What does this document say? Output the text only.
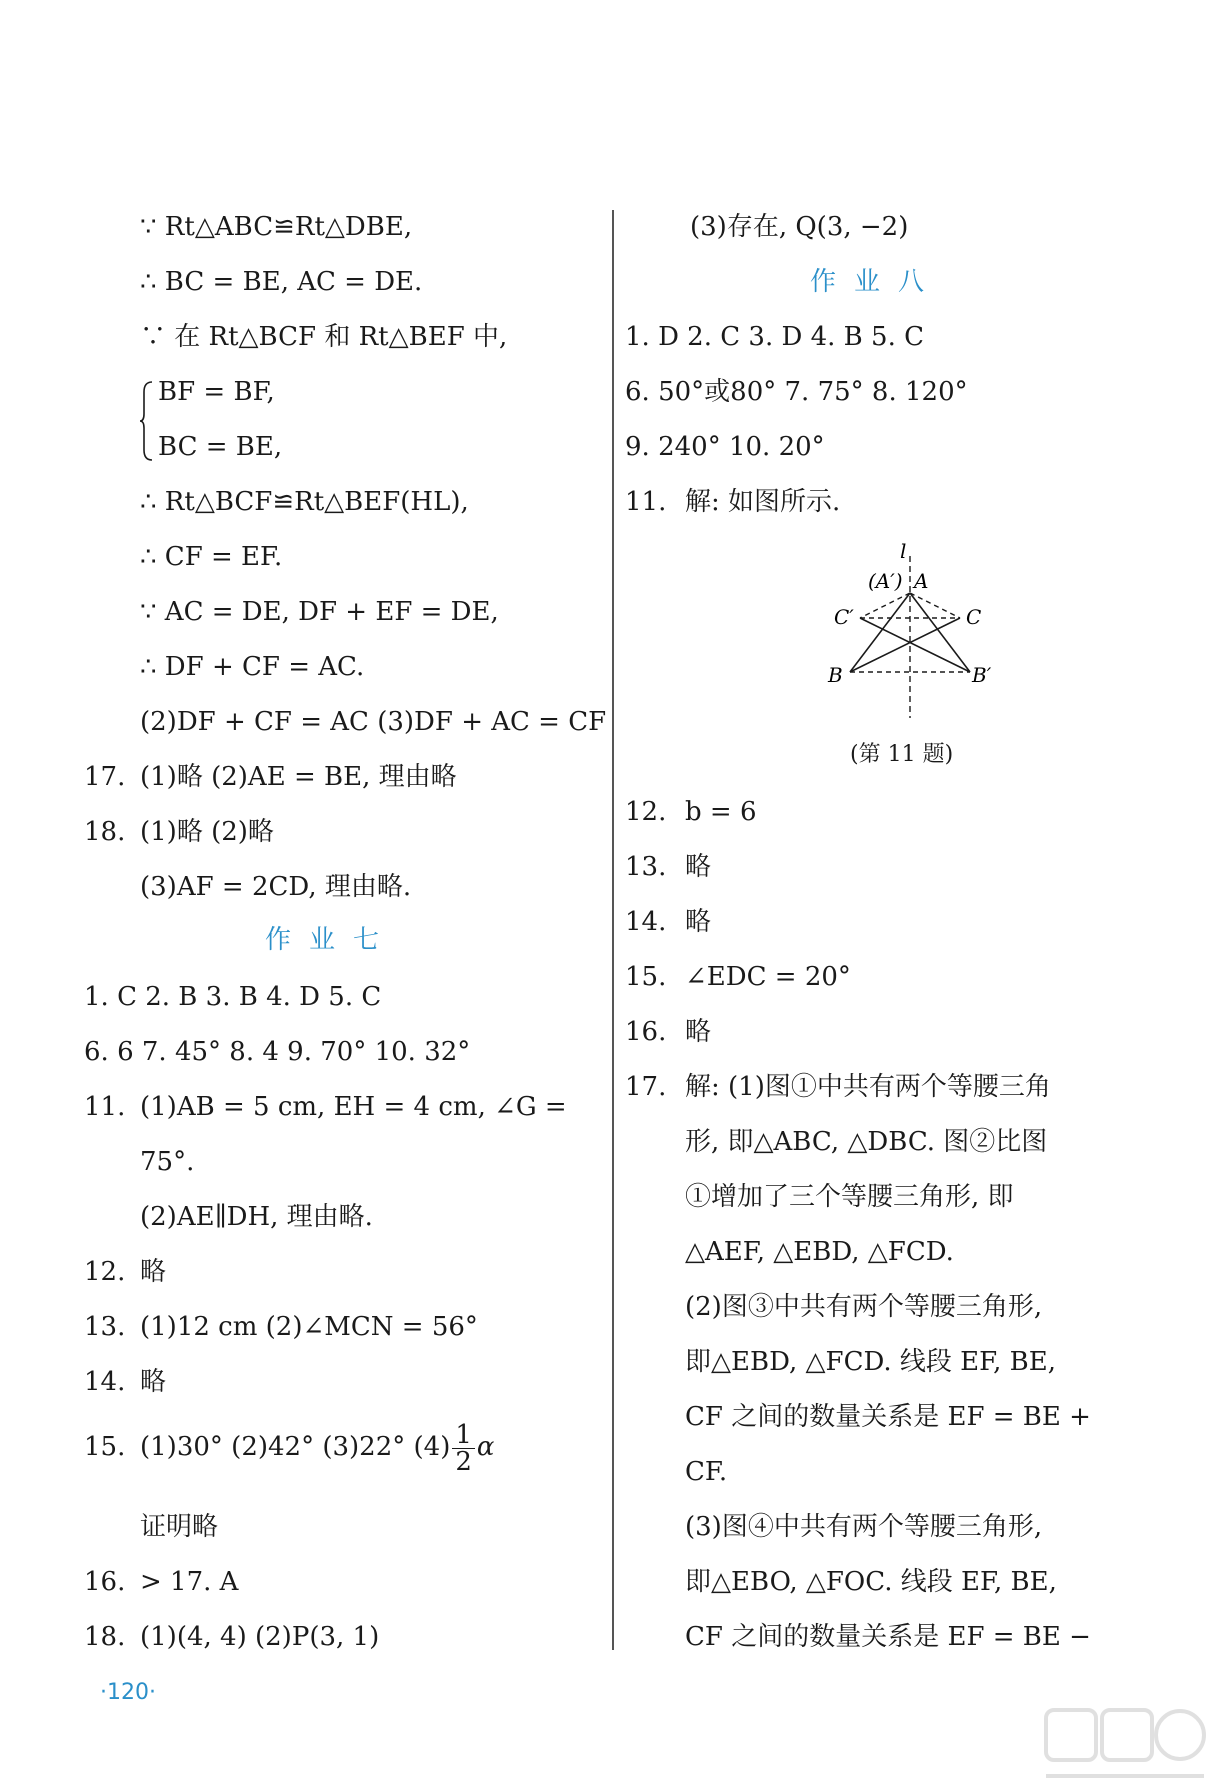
∵ Rt△ABC≌Rt△DBE,
∴ BC = BE, AC = DE.
∵ 在 Rt△BCF 和 Rt△BEF 中,
BF = BF,
BC = BE,
∴ Rt△BCF≌Rt△BEF(HL),
∴ CF = EF.
∵ AC = DE, DF + EF = DE,
∴ DF + CF = AC.
(2)DF + CF = AC (3)DF + AC = CF
17. (1)略 (2)AE = BE, 理由略
18. (1)略 (2)略
(3)AF = 2CD, 理由略.
作业七
1. C 2. B 3. B 4. D 5. C
6. 6 7. 45° 8. 4 9. 70° 10. 32°
11. (1)AB = 5 cm, EH = 4 cm, ∠G =
75°.
(2)AE∥DH, 理由略.
12. 略
13. (1)12 cm (2)∠MCN = 56°
14. 略
15. (1)30° (2)42° (3)22° $(4) \frac{1}{2}$ α
证明略
16. > 17. A
18. (1)(4, 4) (2)P(3, 1)
(3)存在, Q(3, −2)
作业八
1. D 2. C 3. D 4. B 5. C
6. 50°或80° 7. 75° 8. 120°
9. 240° 10. 20°
11. 解: 如图所示.
l
(A′) A
C′	C
B	B′
(第 11 题)
12. b = 6
13. 略
14. 略
15. ∠EDC = 20°
16. 略
17. 解: (1)图①中共有两个等腰三角
形, 即△ABC, △DBC. 图②比图
①增加了三个等腰三角形, 即
△AEF, △EBD, △FCD.
(2)图③中共有两个等腰三角形,
即△EBD, △FCD. 线段 EF, BE,
CF 之间的数量关系是 EF = BE +
CF.
(3)图④中共有两个等腰三角形,
即△EBO, △FOC. 线段 EF, BE,
CF 之间的数量关系是 EF = BE −
·120·
